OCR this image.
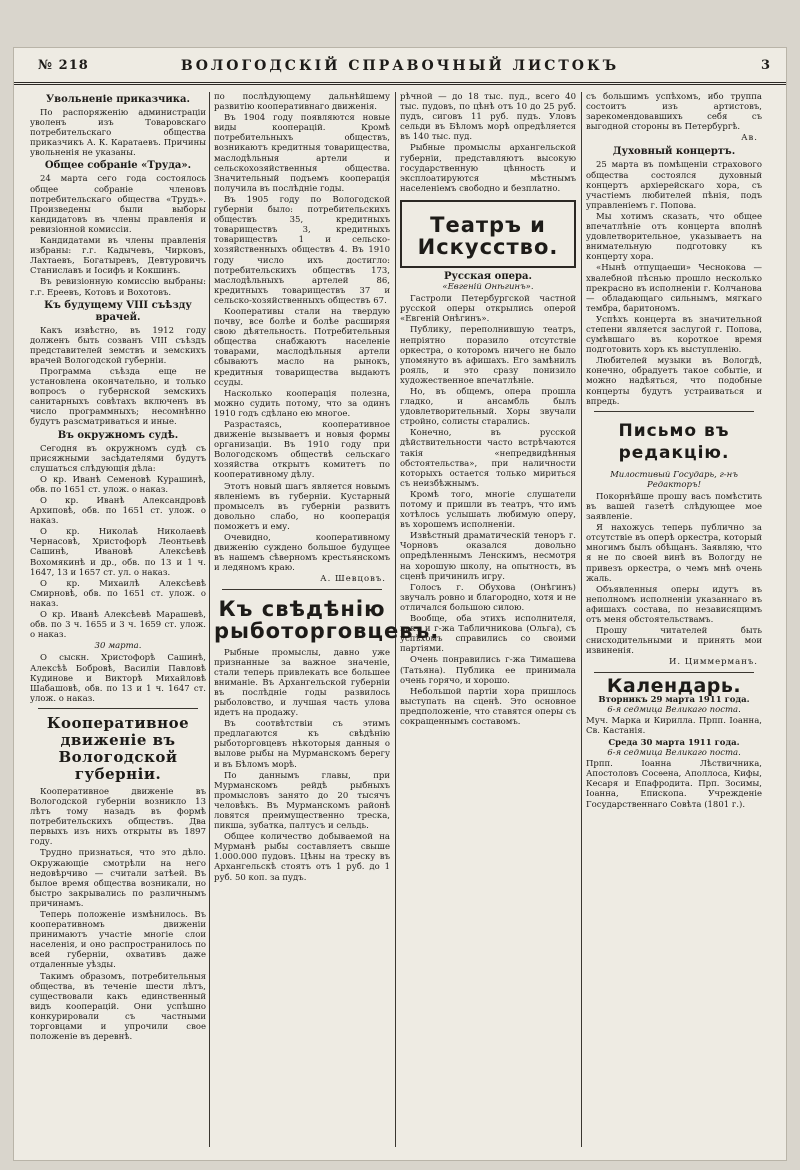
№ 218	ВОЛОГОДСКІЙ СПРАВОЧНЫЙ ЛИСТОКЪ	3
Увольненіе приказчика.

По распоряженію администраціи уволенъ изъ Товаровскаго потребительскаго общества приказчикъ А. К. Каратаевъ. Причины увольненія не указаны.

Общее собраніе «Труда».

24 марта сего года состоялось общее собраніе членовъ потребительскаго общества «Трудъ». Произведены были выборы кандидатовъ въ члены правленія и ревизіонной комиссіи.

Кандидатами въ члены правленія избраны: г.г. Кадычевъ, Чирковъ, Лахтаевъ, Богатыревъ, Девтуровичъ Станиславъ и Іосифъ и Кокшинъ.

Въ ревизіонную комиссію выбраны: г.г. Ереевъ, Котовъ и Вохотовъ.

Къ будущему VIII съѣзду врачей.

Какъ извѣстно, въ 1912 году долженъ быть созванъ VIII съѣздъ представителей земствъ и земскихъ врачей Вологодской губерніи.

Программа съѣзда еще не установлена окончательно, и только вопросъ о губернской земскихъ санитарныхъ совѣтахъ включенъ въ число программныхъ; несомнѣнно будутъ разсматриваться и иные.

Въ окружномъ судѣ.

Сегодня въ окружномъ судѣ съ присяжными засѣдателями будутъ слушаться слѣдующія дѣла:

О кр. Иванѣ Семеновѣ Курашинѣ, обв. по 1651 ст. улож. о наказ.

О кр. Иванѣ Александровѣ Архиповѣ, обв. по 1651 ст. улож. о наказ.

О кр. Николаѣ Николаевѣ Чернасовѣ, Христофорѣ Леонтьевѣ Сашинѣ, Ивановѣ Алексѣевѣ Вохомякинѣ и др., обв. по 13 и 1 ч. 1647, 13 и 1657 ст. ул. о наказ.

О кр. Михаилѣ Алексѣевѣ Смирновѣ, обв. по 1651 ст. улож. о наказ.

О кр. Иванѣ Алексѣевѣ Марашевѣ, обв. по 3 ч. 1655 и 3 ч. 1659 ст. улож. о наказ.

30 марта.

О сыскн. Христофорѣ Сашинѣ, Алексѣѣ Бобровѣ, Василіи Павловѣ Кудинове и Викторѣ Михайловѣ Шабашовѣ, обв. по 13 и 1 ч. 1647 ст. улож. о наказ.

Кооперативное движеніе въ Вологодской губерніи.

Кооперативное движеніе въ Вологодской губерніи возникло 13 лѣтъ тому назадъ въ формѣ потребительскихъ обществъ. Два первыхъ изъ нихъ открыты въ 1897 году.

Трудно признаться, что это дѣло. Окружающіе смотрѣли на него недовѣрчиво — считали затѣей. Въ былое время общества возникали, но быстро закрывались по различнымъ причинамъ.

Теперь положеніе измѣнилось. Въ кооперативномъ движеніи принимаютъ участіе многіе слои населенія, и оно распространилось по всей губерніи, охвативъ даже отдаленные уѣзды.

Такимъ образомъ, потребительныя общества, въ теченіе шести лѣтъ, существовали какъ единственный видъ кооперацій. Они успѣшно конкурировали съ частными торговцами и упрочили свое положеніе въ деревнѣ.

по послѣдующему дальнѣйшему развитію кооперативнаго движенія.

Въ 1904 году появляются новые виды кооперацій. Кромѣ потребительныхъ обществъ, возникаютъ кредитныя товарищества, маслодѣльныя артели и сельскохозяйственныя общества. Значительный подъемъ кооперація получила въ послѣдніе годы.

Въ 1905 году по Вологодской губерніи было: потребительскихъ обществъ 35, кредитныхъ товариществъ 3, кредитныхъ товариществъ 1 и сельско-хозяйственныхъ обществъ 4. Въ 1910 году число ихъ достигло: потребительскихъ обществъ 173, маслодѣльныхъ артелей 86, кредитныхъ товариществъ 37 и сельско-хозяйственныхъ обществъ 67.

Кооперативы стали на твердую почву, все болѣе и болѣе расширяя свою дѣятельность. Потребительныя общества снабжаютъ населеніе товарами, маслодѣльныя артели сбываютъ масло на рынокъ, кредитныя товарищества выдаютъ ссуды.

Насколько кооперація полезна, можно судить потому, что за одинъ 1910 годъ сдѣлано ею многое.

Разрастаясь, кооперативное движеніе вызываетъ и новыя формы организаціи. Въ 1910 году при Вологодскомъ обществѣ сельскаго хозяйства открытъ комитетъ по кооперативному дѣлу.

Этотъ новый шагъ является новымъ явленіемъ въ губерніи. Кустарный промыселъ въ губерніи развитъ довольно слабо, но кооперація поможетъ и ему.

Очевидно, кооперативному движенію суждено большое будущее въ нашемъ сѣверномъ крестьянскомъ и ледяномъ краю.

А. Шевцовъ.
Къ свѣдѣнію рыботорговцевъ.

Рыбные промыслы, давно уже признанные за важное значеніе, стали теперь привлекать все большее вниманіе. Въ Архангельской губерніи въ послѣдніе годы развилось рыболовство, и лучшая часть улова идетъ на продажу.

Въ соотвѣтствіи съ этимъ предлагаются къ свѣдѣнію рыботорговцевъ нѣкоторыя данныя о вылове рыбы на Мурманскомъ берегу и въ Бѣломъ морѣ.

По даннымъ главы, при Мурманскомъ рейдѣ рыбныхъ промысловъ занято до 20 тысячъ человѣкъ. Въ Мурманскомъ районѣ ловятся преимущественно треска, пикша, зубатка, палтусъ и сельдь.

Общее количество добываемой на Мурманѣ рыбы составляетъ свыше 1.000.000 пудовъ. Цѣны на треску въ Архангельскѣ стоятъ отъ 1 руб. до 1 руб. 50 коп. за пудъ.

рѣчной — до 18 тыс. пуд., всего 40 тыс. пудовъ, по цѣнѣ отъ 10 до 25 руб. пудъ, сиговъ 11 руб. пудъ. Уловъ сельди въ Бѣломъ морѣ опредѣляется въ 140 тыс. пуд.

Рыбные промыслы архангельской губерніи, представляютъ высокую государственную цѣнность и эксплоатируются мѣстнымъ населеніемъ свободно и безплатно.

Театръ и Искусство.
Русская опера.
«Евгеній Онѣгинъ».

Гастроли Петербургской частной русской оперы открылись оперой «Евгеній Онѣгинъ».

Публику, переполнившую театръ, непріятно поразило отсутствіе оркестра, о которомъ ничего не было упомянуто въ афишахъ. Его замѣнилъ рояль, и это сразу понизило художественное впечатлѣніе.

Но, въ общемъ, опера прошла гладко, и ансамбль былъ удовлетворительный. Хоры звучали стройно, солисты старались.

Конечно, въ русской дѣйствительности часто встрѣчаются такія «непредвидѣнныя обстоятельства», при наличности которыхъ остается только мириться съ неизбѣжнымъ.

Кромѣ того, многіе слушатели потому и пришли въ театръ, что имъ хотѣлось услышать любимую оперу, въ хорошемъ исполненіи.

Извѣстный драматическій теноръ г. Чорновъ оказался довольно опредѣленнымъ Ленскимъ, несмотря на хорошую школу, на опытность, въ сценѣ причинилъ игру.

Голосъ г. Обухова (Онѣгинъ) звучалъ ровно и благородно, хотя и не отличался большою силою.

Вообще, оба этихъ исполнителя, какъ и г-жа Табличникова (Ольга), съ успѣхомъ справились со своими партіями.

Очень понравились г-жа Тимашева (Татьяна). Публика ее принимала очень горячо, и хорошо.

Небольшой партіи хора пришлось выступать на сценѣ. Это основное предположеніе, что ставятся оперы съ сокращеннымъ составомъ.

съ большимъ успѣхомъ, ибо труппа состоитъ изъ артистовъ, зарекомендовавшихъ себя съ выгодной стороны въ Петербургѣ.

Ав.
Духовный концертъ.

25 марта въ помѣщеніи страхового общества состоялся духовный концертъ архіерейскаго хора, съ участіемъ любителей пѣнія, подъ управленіемъ г. Попова.

Мы хотимъ сказать, что общее впечатлѣніе отъ концерта вполнѣ удовлетворительное, указываетъ на внимательную подготовку къ концерту хора.

«Нынѣ отпущаеши» Чеснокова — хвалебной пѣснью прошло несколько прекрасно въ исполненіи г. Колчанова — обладающаго сильнымъ, мягкаго тембра, баритономъ.

Успѣхъ концерта въ значительной степени является заслугой г. Попова, сумѣвшаго въ короткое время подготовить хоръ къ выступленію.

Любителей музыки въ Вологдѣ, конечно, обрадуетъ такое событіе, и можно надѣяться, что подобные концерты будутъ устраиваться и впредь.

Письмо въ редакцію.
Милостивый Государь, г-нъ Редакторъ!

Покорнѣйше прошу васъ помѣстить въ вашей газетѣ слѣдующее мое заявленіе.

Я нахожусь теперь публично за отсутствіе въ оперѣ оркестра, который многимъ былъ обѣщанъ. Заявляю, что я не по своей винѣ въ Вологду не привезъ оркестра, о чемъ мнѣ очень жаль.

Объявленныя оперы идутъ въ неполномъ исполненіи указаннаго въ афишахъ состава, по независящимъ отъ меня обстоятельствамъ.

Прошу читателей быть снисходительными и принять мои извиненія.

И. Циммерманъ.
Календарь.
Вторникъ 29 марта 1911 года.
6-я седмица Великаго поста.

Муч. Марка и Кирилла. Прпп. Іоанна, Св. Кастанія.

Среда 30 марта 1911 года.
6-я седмица Великаго поста.

Прпп. Іоанна Лѣствичника, Апостоловъ Сосѳена, Аполлоса, Кифы, Кесаря и Епафродита. Прп. Зосимы, Іоанна, Епископа. Учрежденіе Государственнаго Совѣта (1801 г.).
